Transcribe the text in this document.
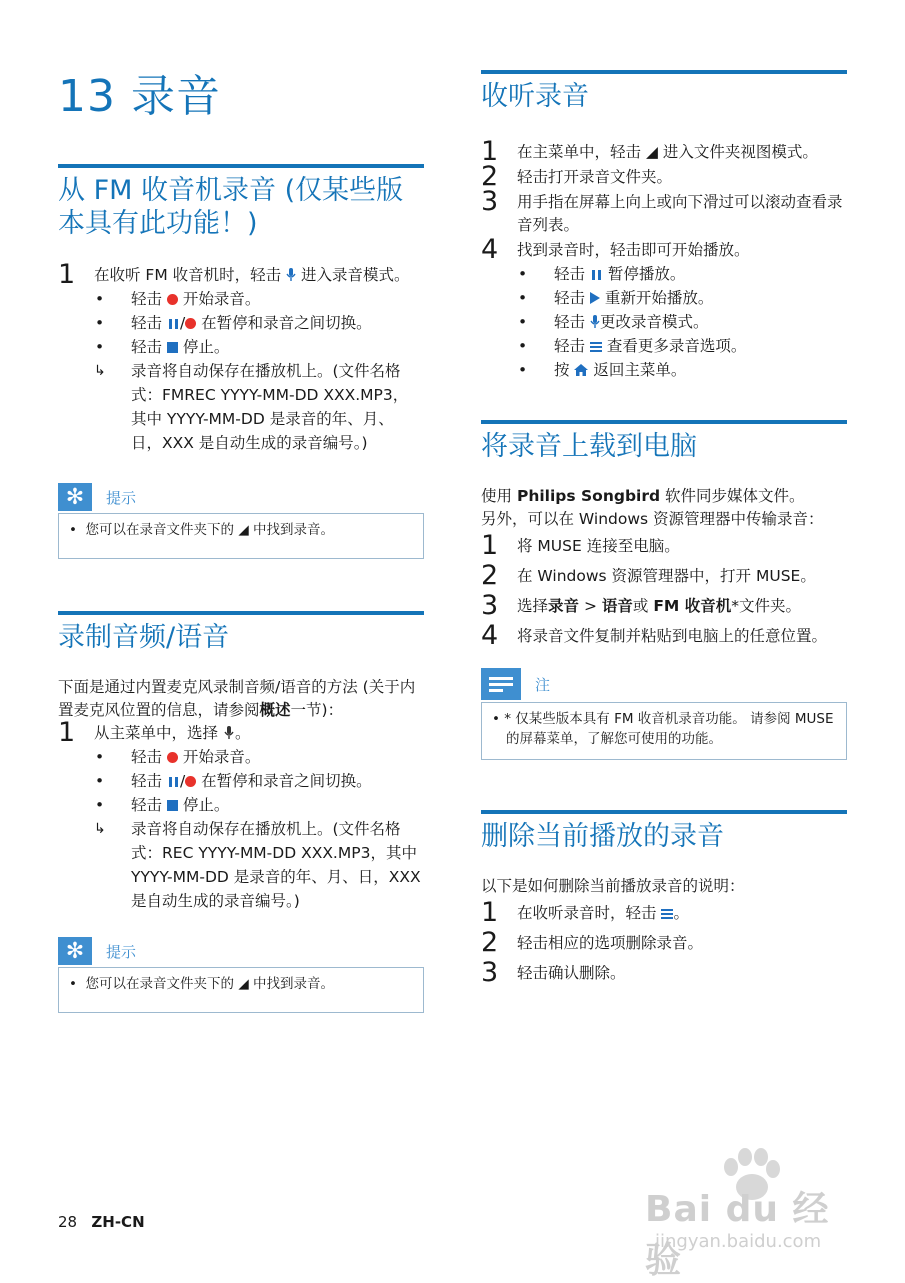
13 录音
从 FM 收音机录音 (仅某些版本具有此功能！)
1 在收听 FM 收音机时，轻击 进入录音模式。
• 轻击 开始录音。
• 轻击 / 在暂停和录音之间切换。
• 轻击 停止。
↳ 录音将自动保存在播放机上。(文件名格式：FMREC YYYY-MM-DD XXX.MP3，其中 YYYY-MM-DD 是录音的年、月、日，XXX 是自动生成的录音编号。)
✻	提示
•  您可以在录音文件夹下的 ◢ 中找到录音。
录制音频/语音
下面是通过内置麦克风录制音频/语音的方法 (关于内置麦克风位置的信息，请参阅概述一节)：
1 从主菜单中，选择 。
• 轻击 开始录音。
• 轻击 / 在暂停和录音之间切换。
• 轻击 停止。
↳ 录音将自动保存在播放机上。(文件名格式：REC YYYY-MM-DD XXX.MP3，其中 YYYY-MM-DD 是录音的年、月、日，XXX 是自动生成的录音编号。)
✻	提示
•  您可以在录音文件夹下的 ◢ 中找到录音。
收听录音
1 在主菜单中，轻击 ◢ 进入文件夹视图模式。
2 轻击打开录音文件夹。
3 用手指在屏幕上向上或向下滑过可以滚动查看录音列表。
4 找到录音时，轻击即可开始播放。
• 轻击 暂停播放。
• 轻击 重新开始播放。
• 轻击 更改录音模式。
• 轻击 查看更多录音选项。
• 按 返回主菜单。
将录音上载到电脑
使用 Philips Songbird 软件同步媒体文件。
另外，可以在 Windows 资源管理器中传输录音：
1 将 MUSE 连接至电脑。
2 在 Windows 资源管理器中，打开 MUSE。
3 选择录音 > 语音或 FM 收音机*文件夹。
4 将录音文件复制并粘贴到电脑上的任意位置。
注
• * 仅某些版本具有 FM 收音机录音功能。 请参阅 MUSE 的屏幕菜单，了解您可使用的功能。
删除当前播放的录音
以下是如何删除当前播放录音的说明：
1 在收听录音时，轻击 。
2 轻击相应的选项删除录音。
3 轻击确认删除。
28 ZH-CN	Bai du 经验
jingyan.baidu.com
